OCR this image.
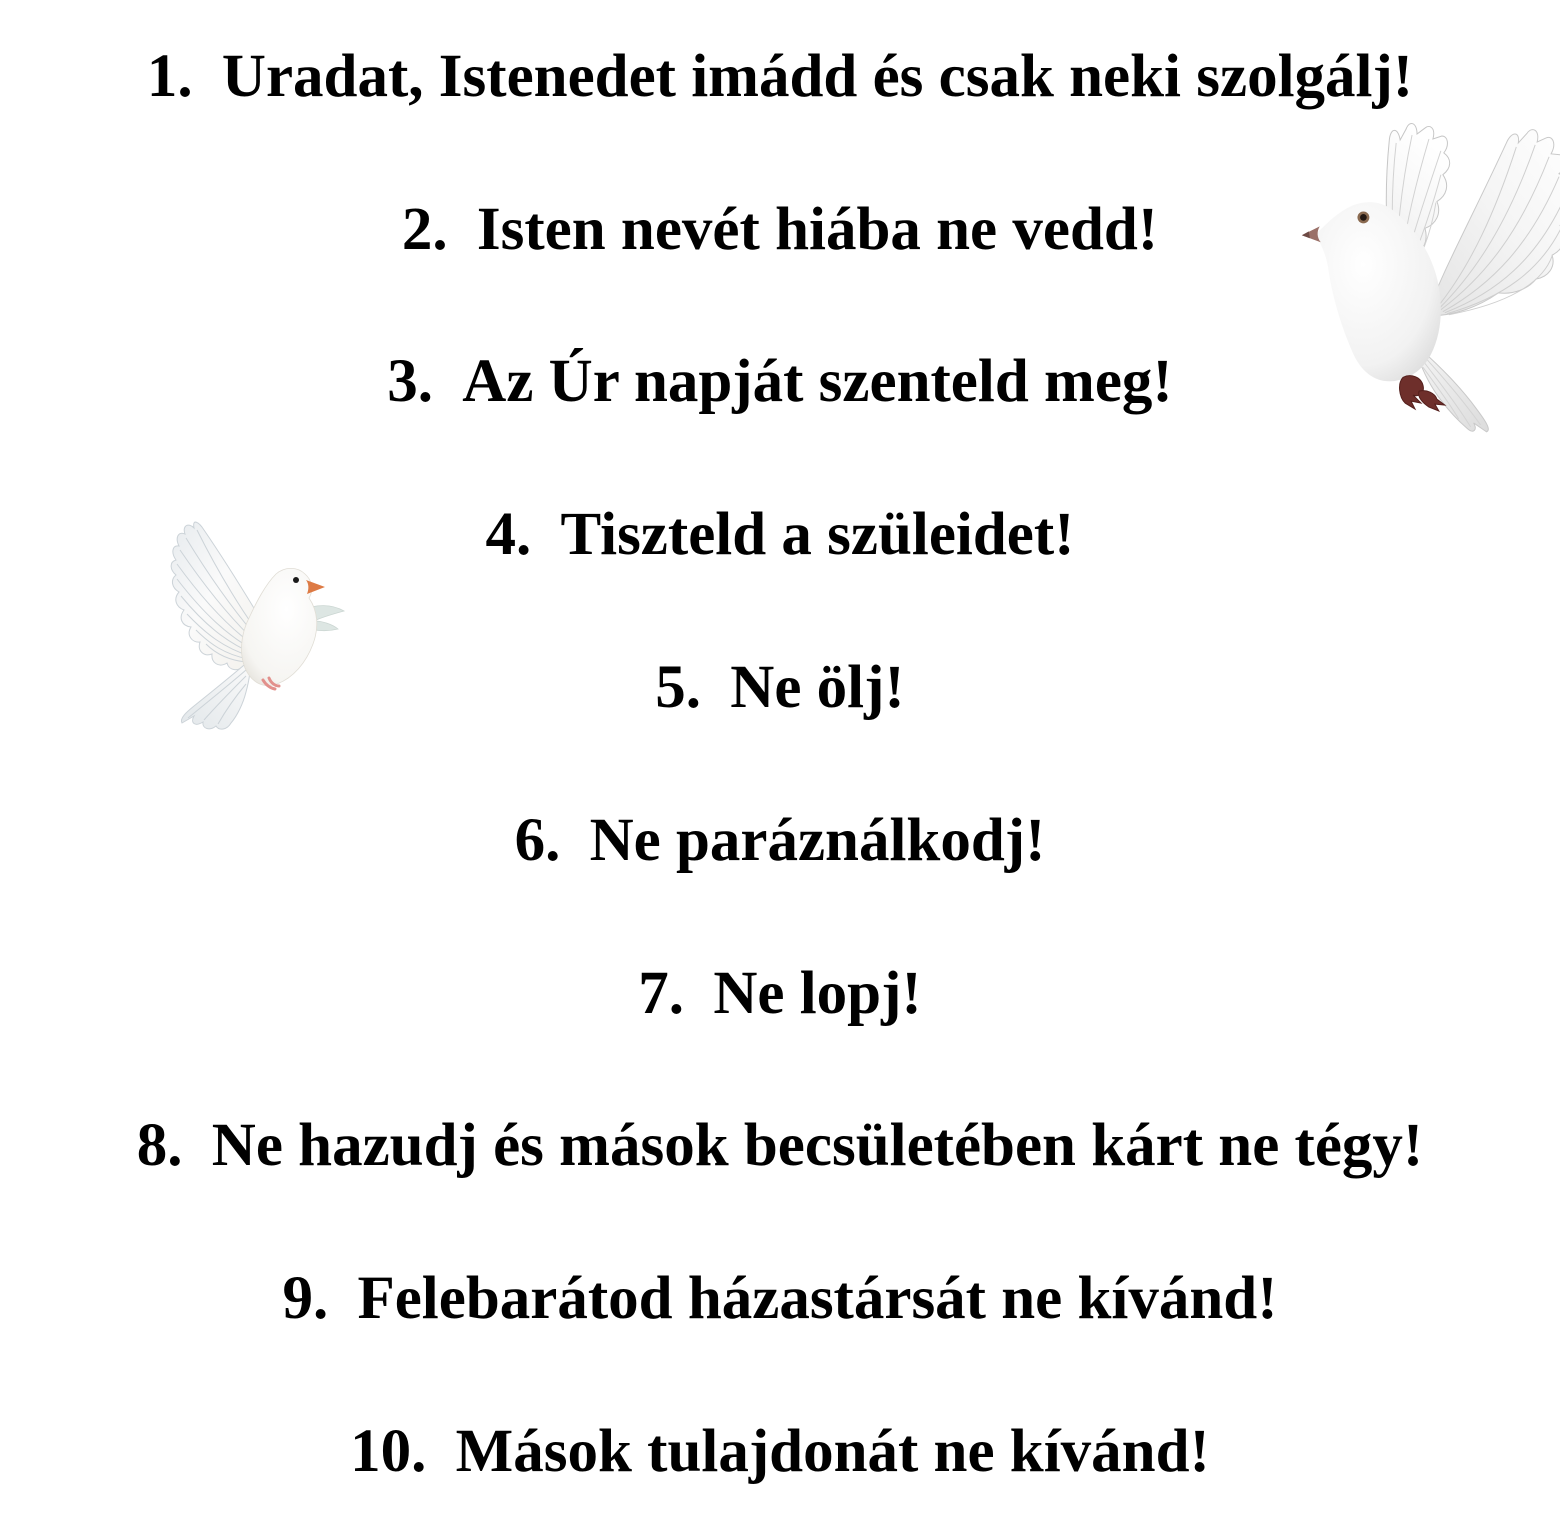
1. Uradat, Istenedet imádd és csak neki szolgálj!
2. Isten nevét hiába ne vedd!
3. Az Úr napját szenteld meg!
4. Tiszteld a szüleidet!
5. Ne ölj!
6. Ne paráználkodj!
7. Ne lopj!
8. Ne hazudj és mások becsületében kárt ne tégy!
9. Felebarátod házastársát ne kívánd!
10. Mások tulajdonát ne kívánd!
